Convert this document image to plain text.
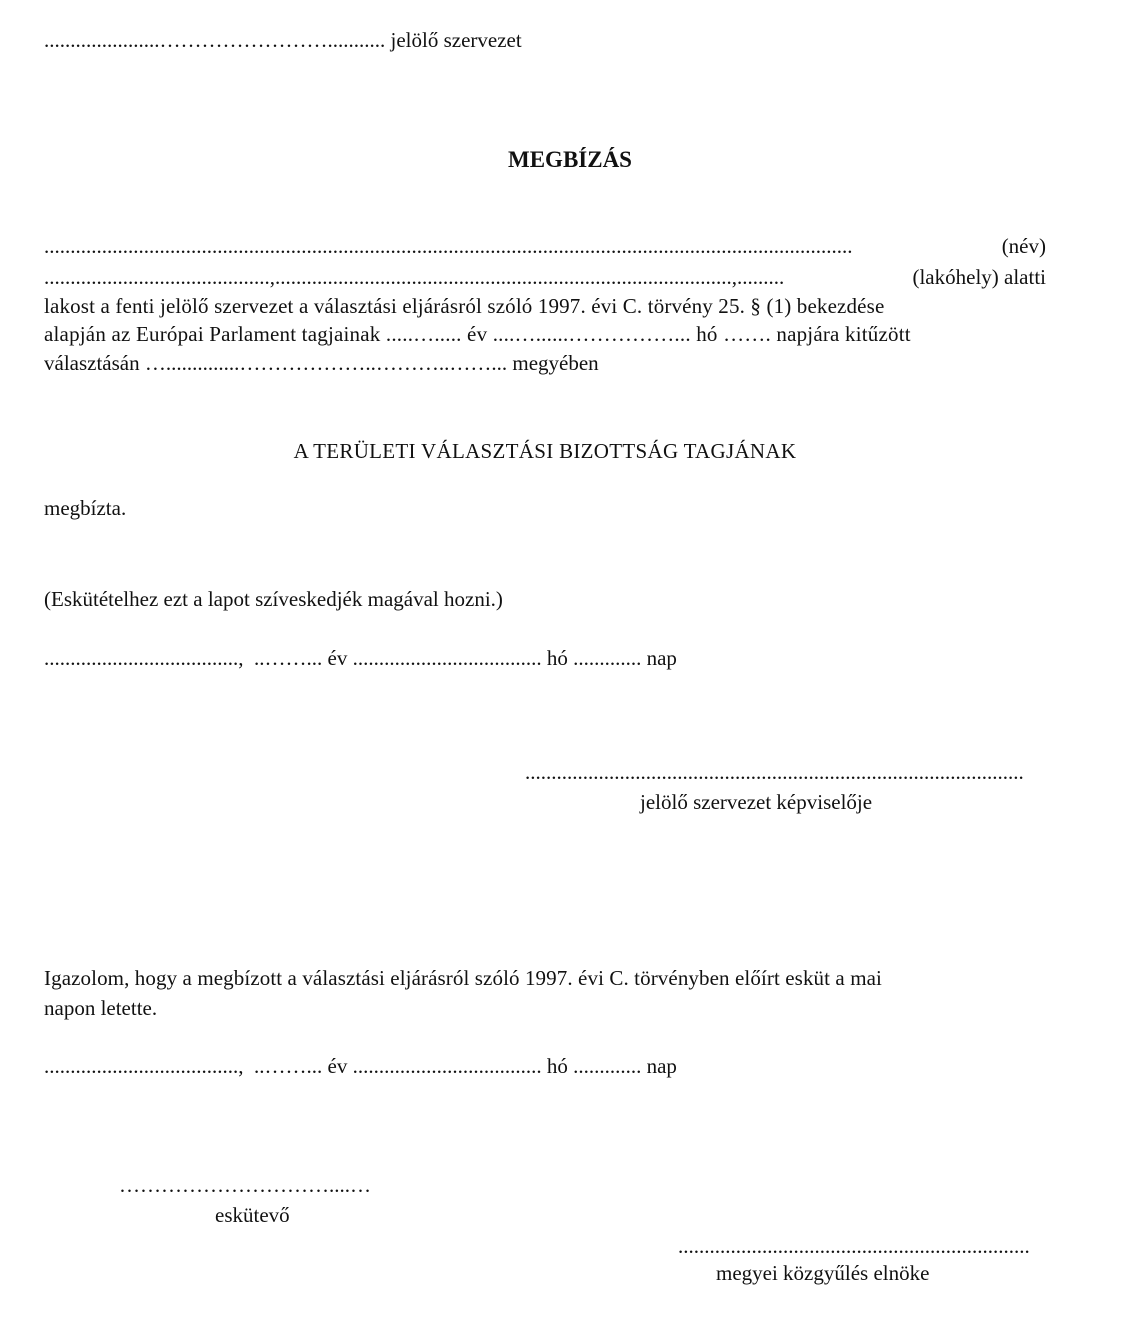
......................……………………........... jelölő szervezet
MEGBÍZÁS
..........................................................................................................................................................	(név)
...........................................,.......................................................................................,.........	(lakóhely) alatti
lakost a fenti jelölő szervezet a választási eljárásról szóló 1997. évi C. törvény 25. § (1) bekezdése
alapján az Európai Parlament tagjainak .....…..... év ....…......……………... hó ……. napjára kitűzött
választásán …..............………………..………..……... megyében
A TERÜLETI VÁLASZTÁSI BIZOTTSÁG TAGJÁNAK
megbízta.
(Eskütételhez ezt a lapot szíveskedjék magával hozni.)
.....................................,  ..……... év .................................... hó ............. nap
...............................................................................................
jelölő szervezet képviselője
Igazolom, hogy a megbízott a választási eljárásról szóló 1997. évi C. törvényben előírt esküt a mai
napon letette.
.....................................,  ..……... év .................................... hó ............. nap
…………………………....…
eskütevő
...................................................................
megyei közgyűlés elnöke
